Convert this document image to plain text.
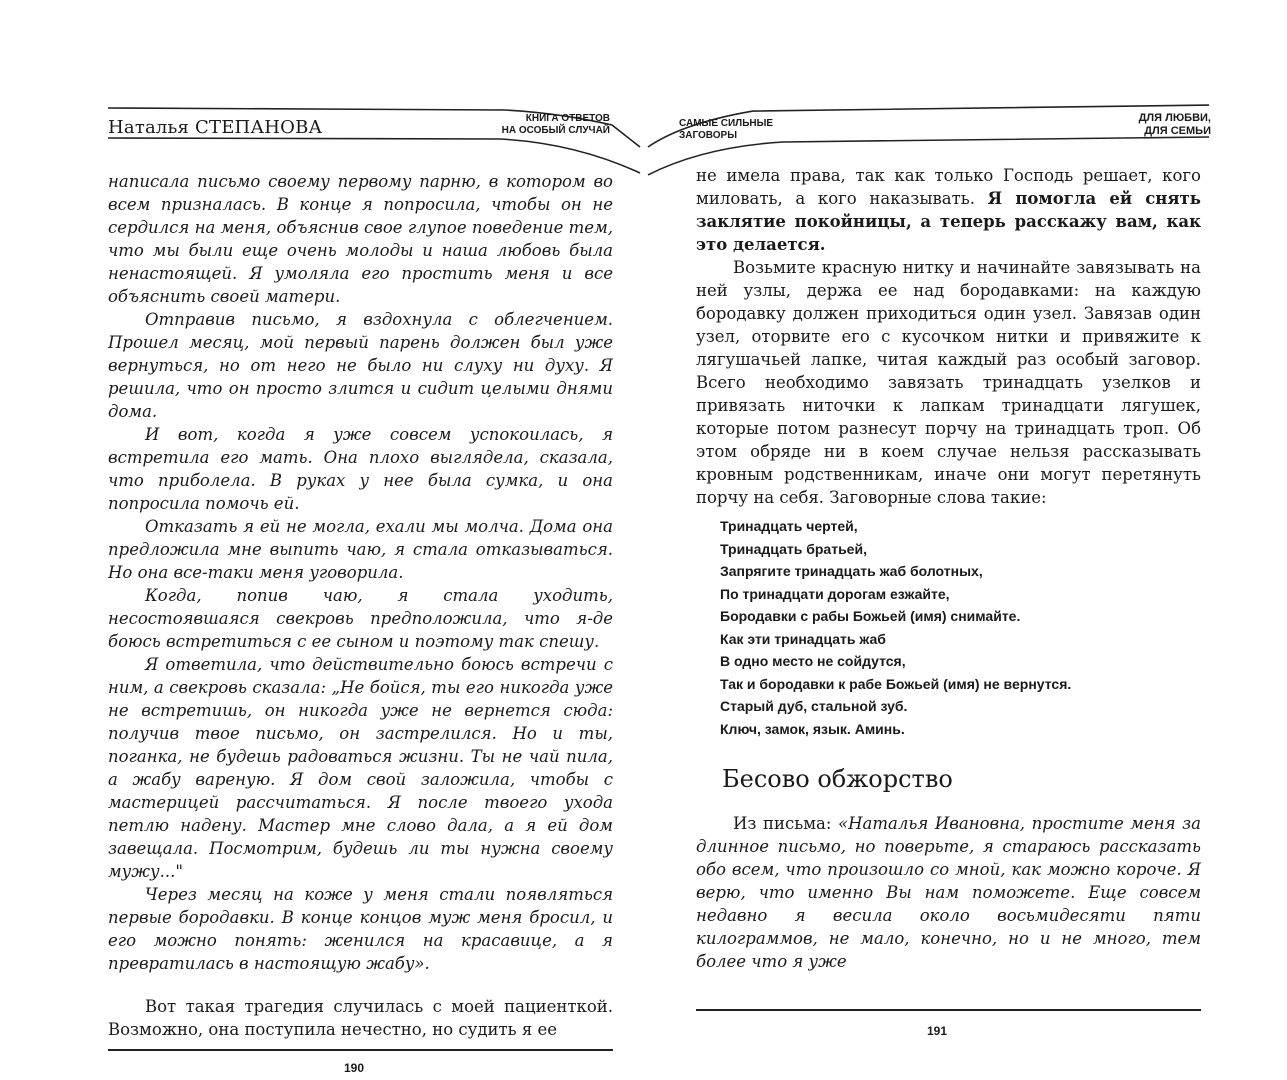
Наталья СТЕПАНОВА	КНИГА ОТВЕТОВ
НА ОСОБЫЙ СЛУЧАЙ

написала письмо своему первому парню, в котором во всем призналась. В конце я попросила, чтобы он не сердился на меня, объяснив свое глупое поведение тем, что мы были еще очень молоды и наша любовь была ненастоящей. Я умоляла его простить меня и все объяснить своей матери.

Отправив письмо, я вздохнула с облегчением. Прошел месяц, мой первый парень должен был уже вернуться, но от него не было ни слуху ни духу. Я решила, что он просто злится и сидит целыми днями дома.

И вот, когда я уже совсем успокоилась, я встретила его мать. Она плохо выглядела, сказала, что приболела. В руках у нее была сумка, и она попросила помочь ей.

Отказать я ей не могла, ехали мы молча. Дома она предложила мне выпить чаю, я стала отказываться. Но она все-таки меня уговорила.

Когда, попив чаю, я стала уходить, несостоявшаяся свекровь предположила, что я-де боюсь встретиться с ее сыном и поэтому так спешу.

Я ответила, что действительно боюсь встречи с ним, а свекровь сказала: „Не бойся, ты его никогда уже не встретишь, он никогда уже не вернется сюда: получив твое письмо, он застрелился. Но и ты, поганка, не будешь радоваться жизни. Ты не чай пила, а жабу вареную. Я дом свой заложила, чтобы с мастерицей рассчитаться. Я после твоего ухода петлю надену. Мастер мне слово дала, а я ей дом завещала. Посмотрим, будешь ли ты нужна своему мужу..."

Через месяц на коже у меня стали появляться первые бородавки. В конце концов муж меня бросил, и его можно понять: женился на красавице, а я превратилась в настоящую жабу».

Вот такая трагедия случилась с моей пациенткой. Возможно, она поступила нечестно, но судить я ее

190
САМЫЕ СИЛЬНЫЕ
ЗАГОВОРЫ
ДЛЯ ЛЮБВИ,
ДЛЯ СЕМЬИ

не имела права, так как только Господь решает, кого миловать, а кого наказывать. Я помогла ей снять заклятие покойницы, а теперь расскажу вам, как это делается.

Возьмите красную нитку и начинайте завязывать на ней узлы, держа ее над бородавками: на каждую бородавку должен приходиться один узел. Завязав один узел, оторвите его с кусочком нитки и привяжите к лягушачьей лапке, читая каждый раз особый заговор. Всего необходимо завязать тринадцать узелков и привязать ниточки к лапкам тринадцати лягушек, которые потом разнесут порчу на тринадцать троп. Об этом обряде ни в коем случае нельзя рассказывать кровным родственникам, иначе они могут перетянуть порчу на себя. Заговорные слова такие:

Тринадцать чертей,
Тринадцать братьей,
Запрягите тринадцать жаб болотных,
По тринадцати дорогам езжайте,
Бородавки с рабы Божьей (имя) снимайте.
Как эти тринадцать жаб
В одно место не сойдутся,
Так и бородавки к рабе Божьей (имя) не вернутся.
Старый дуб, стальной зуб.
Ключ, замок, язык. Аминь.
Бесово обжорство

Из письма: «Наталья Ивановна, простите меня за длинное письмо, но поверьте, я стараюсь рассказать обо всем, что произошло со мной, как можно короче. Я верю, что именно Вы нам поможете. Еще совсем недавно я весила около восьмидесяти пяти килограммов, не мало, конечно, но и не много, тем более что я уже

191
